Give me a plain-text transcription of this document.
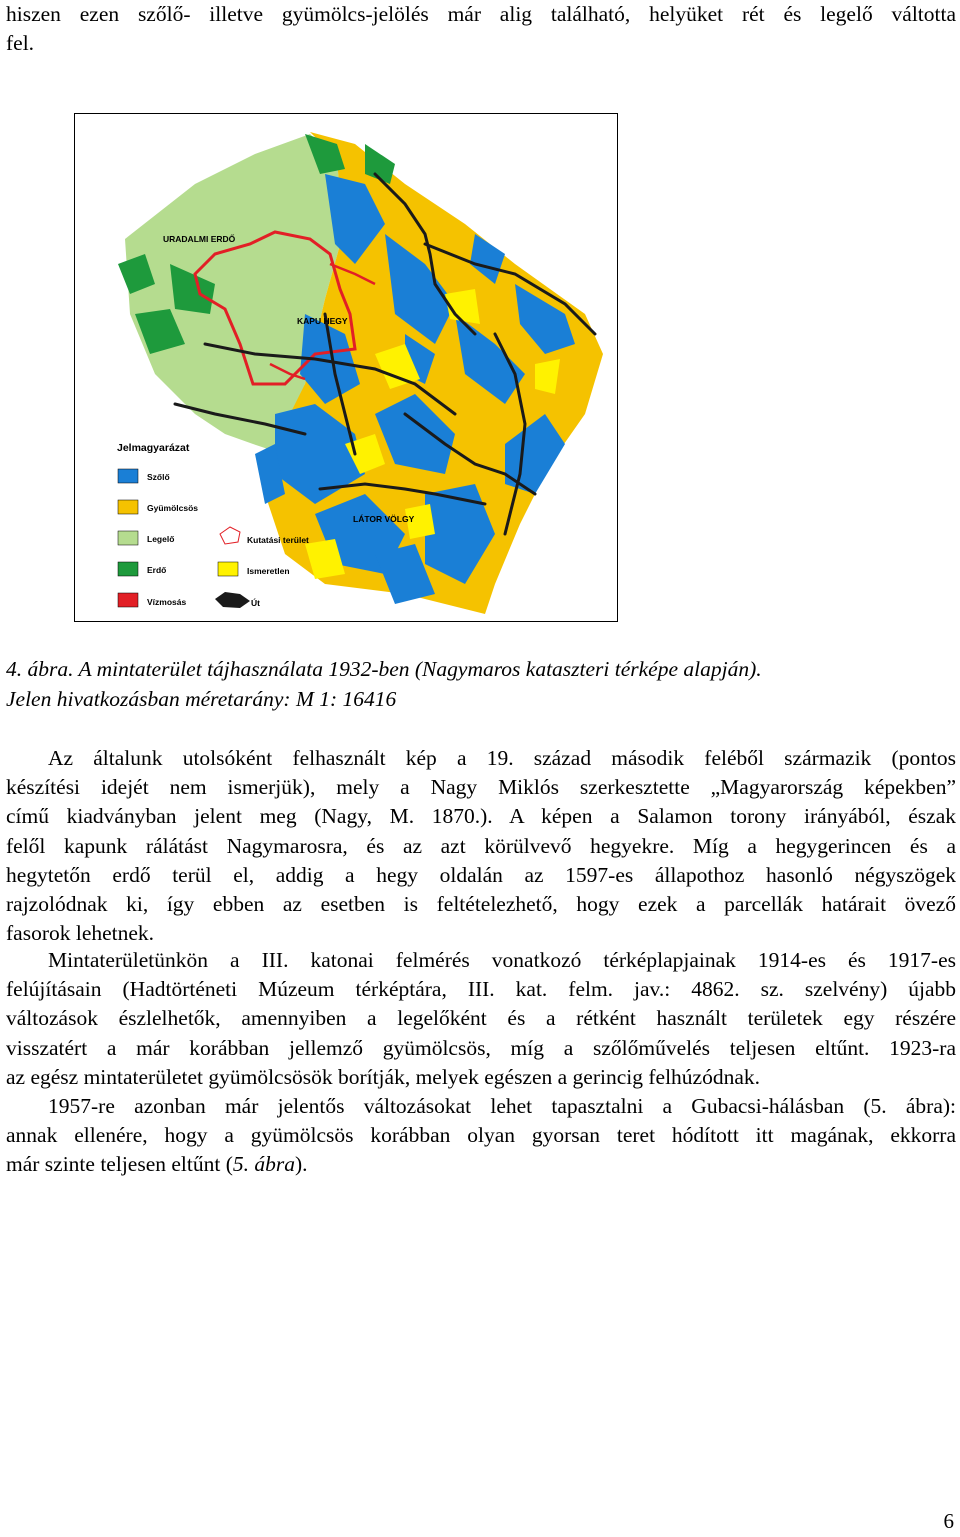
hiszen ezen szőlő- illetve gyümölcs-jelölés már alig található, helyüket rét és legelő váltotta
fel.
URADALMI ERDŐ
KAPU HEGY
LÁTOR VÖLGY
Jelmagyarázat
Szőlő
Gyümölcsös
Legelő
Erdő
Vízmosás
Kutatási terület
Ismeretlen
Út
4. ábra. A mintaterület tájhasználata 1932-ben (Nagymaros kataszteri térképe alapján).
Jelen hivatkozásban méretarány: M 1: 16416
Az általunk utolsóként felhasznált kép a 19. század második feléből származik (pontos
készítési idejét nem ismerjük), mely a Nagy Miklós szerkesztette „Magyarország képekben”
című kiadványban jelent meg (Nagy, M. 1870.). A képen a Salamon torony irányából, észak
felől kapunk rálátást Nagymarosra, és az azt körülvevő hegyekre. Míg a hegygerincen és a
hegytetőn erdő terül el, addig a hegy oldalán az 1597-es állapothoz hasonló négyszögek
rajzolódnak ki, így ebben az esetben is feltételezhető, hogy ezek a parcellák határait övező
fasorok lehetnek.
Mintaterületünkön a III. katonai felmérés vonatkozó térképlapjainak 1914-es és 1917-es
felújításain (Hadtörténeti Múzeum térképtára, III. kat. felm. jav.: 4862. sz. szelvény) újabb
változások észlelhetők, amennyiben a legelőként és a rétként használt területek egy részére
visszatért a már korábban jellemző gyümölcsös, míg a szőlőművelés teljesen eltűnt. 1923-ra
az egész mintaterületet gyümölcsösök borítják, melyek egészen a gerincig felhúzódnak.
1957-re azonban már jelentős változásokat lehet tapasztalni a Gubacsi-hálásban (5. ábra):
annak ellenére, hogy a gyümölcsös korábban olyan gyorsan teret hódított itt magának, ekkorra
már szinte teljesen eltűnt (5. ábra).
6
